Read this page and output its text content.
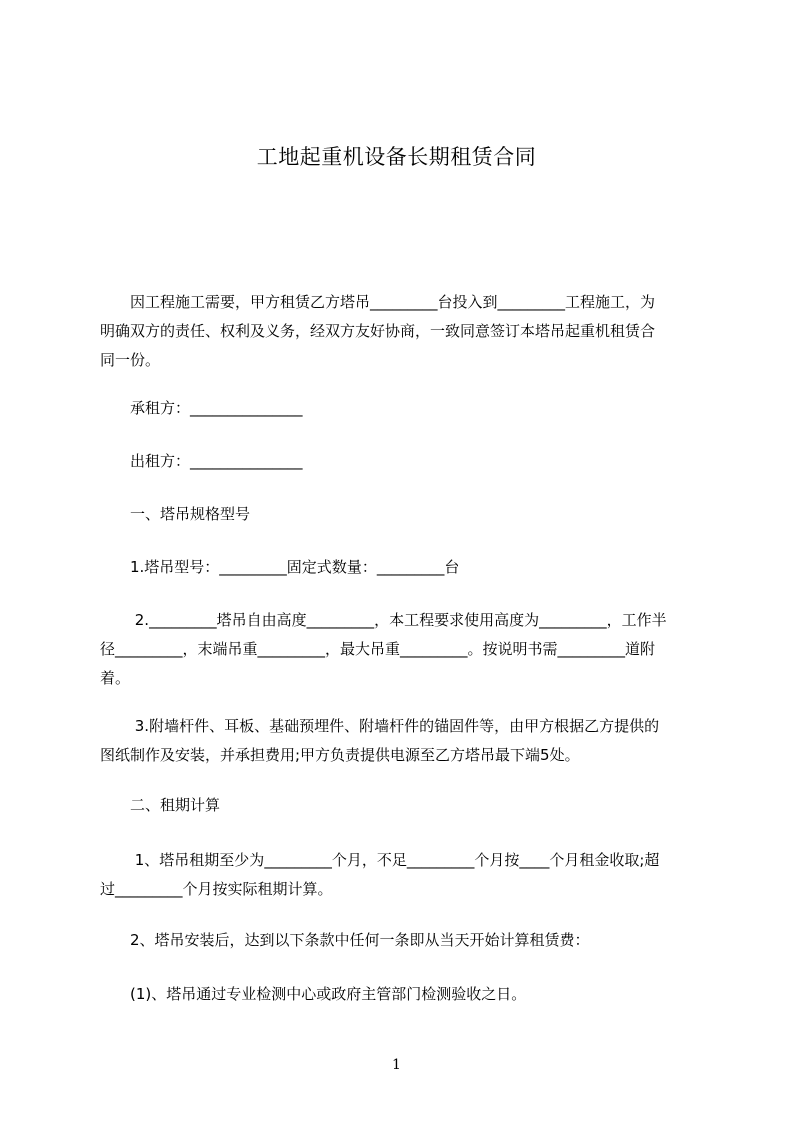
工地起重机设备长期租赁合同
　　因工程施工需要，甲方租赁乙方塔吊_________台投入到_________工程施工，为
明确双方的责任、权利及义务，经双方友好协商，一致同意签订本塔吊起重机租赁合
同一份。
　　承租方：_______________
　　出租方：_______________
　　一、塔吊规格型号
　　1.塔吊型号：_________固定式数量：_________台
　　 2._________塔吊自由高度_________，本工程要求使用高度为_________，工作半
径_________，末端吊重_________，最大吊重_________。按说明书需_________道附
着。
　　 3.附墙杆件、耳板、基础预埋件、附墙杆件的锚固件等，由甲方根据乙方提供的
图纸制作及安装，并承担费用;甲方负责提供电源至乙方塔吊最下端5处。
　　二、租期计算
　　 1、塔吊租期至少为_________个月，不足_________个月按____个月租金收取;超
过_________个月按实际租期计算。
　　2、塔吊安装后，达到以下条款中任何一条即从当天开始计算租赁费：
　　(1)、塔吊通过专业检测中心或政府主管部门检测验收之日。
1
